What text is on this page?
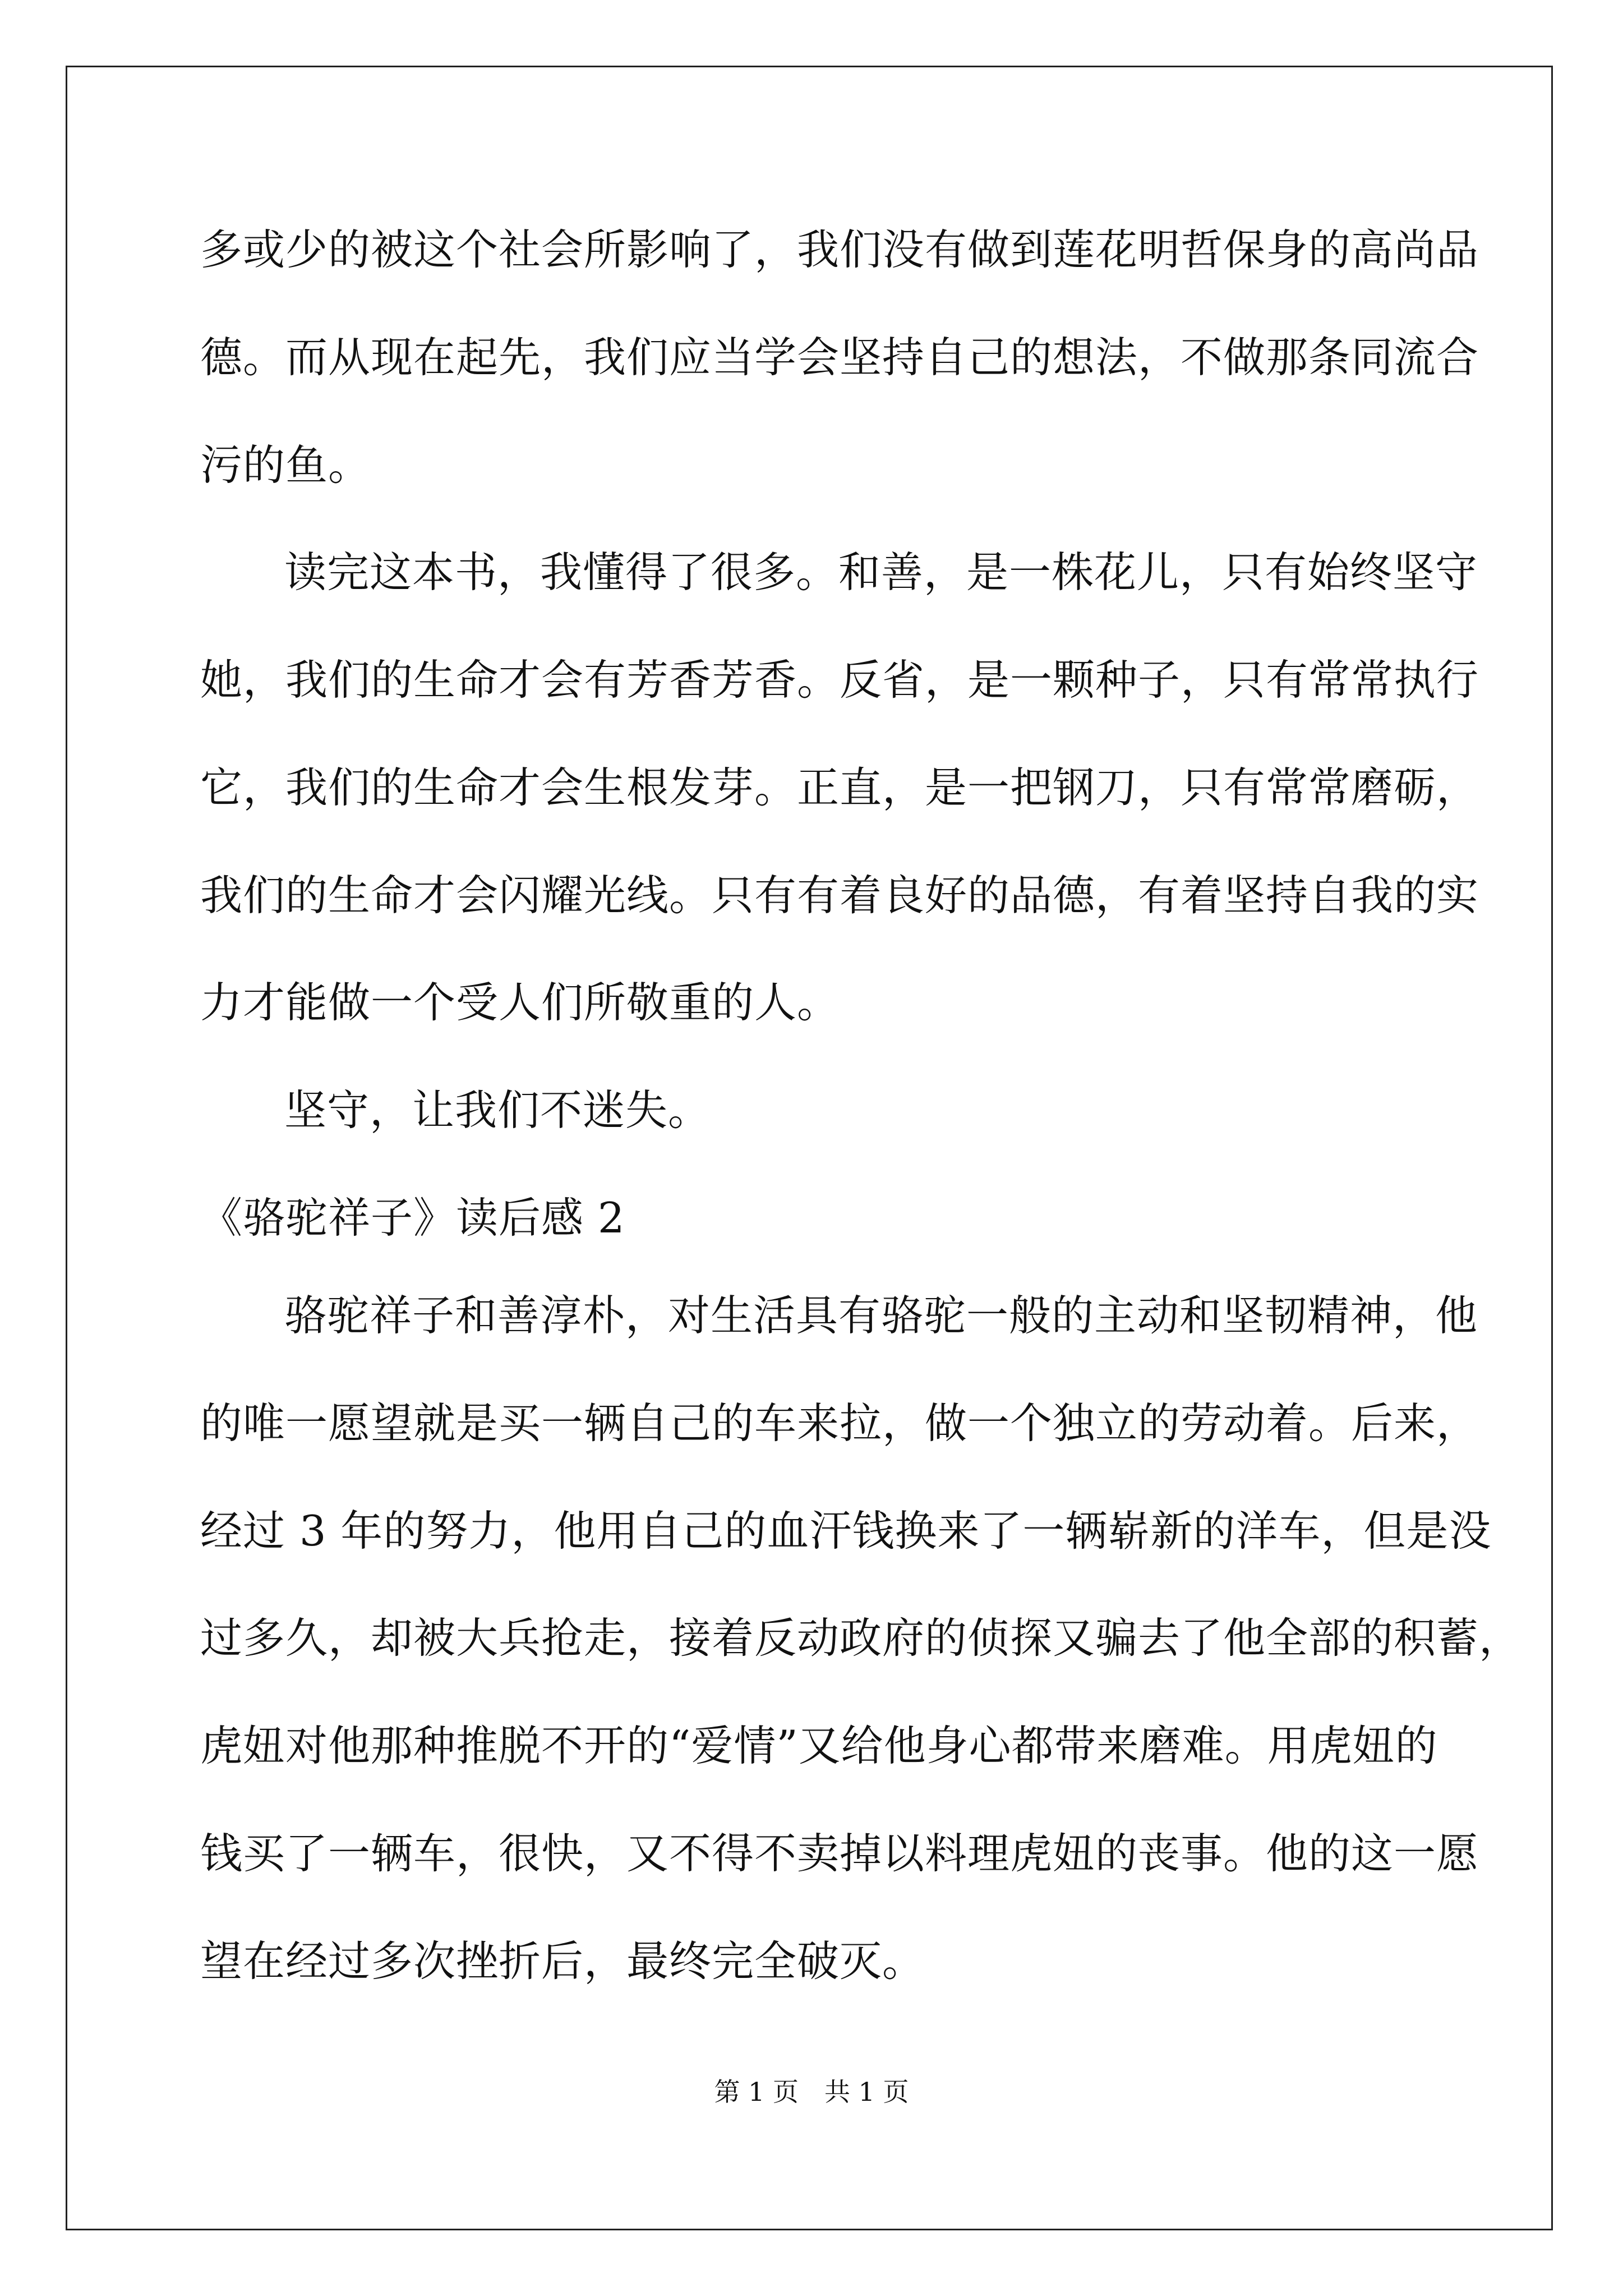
多或少的被这个社会所影响了，我们没有做到莲花明哲保身的高尚品
德。而从现在起先，我们应当学会坚持自己的想法，不做那条同流合
污的鱼。
读完这本书，我懂得了很多。和善，是一株花儿，只有始终坚守
她，我们的生命才会有芳香芳香。反省，是一颗种子，只有常常执行
它，我们的生命才会生根发芽。正直，是一把钢刀，只有常常磨砺，
我们的生命才会闪耀光线。只有有着良好的品德，有着坚持自我的实
力才能做一个受人们所敬重的人。
坚守，让我们不迷失。
《骆驼祥子》读后感 2
骆驼祥子和善淳朴，对生活具有骆驼一般的主动和坚韧精神，他
的唯一愿望就是买一辆自己的车来拉，做一个独立的劳动着。后来，
经过 3 年的努力，他用自己的血汗钱换来了一辆崭新的洋车，但是没
过多久，却被大兵抢走，接着反动政府的侦探又骗去了他全部的积蓄，
虎妞对他那种推脱不开的“爱情”又给他身心都带来磨难。用虎妞的
钱买了一辆车，很快，又不得不卖掉以料理虎妞的丧事。他的这一愿
望在经过多次挫折后，最终完全破灭。
第 1 页　共 1 页
